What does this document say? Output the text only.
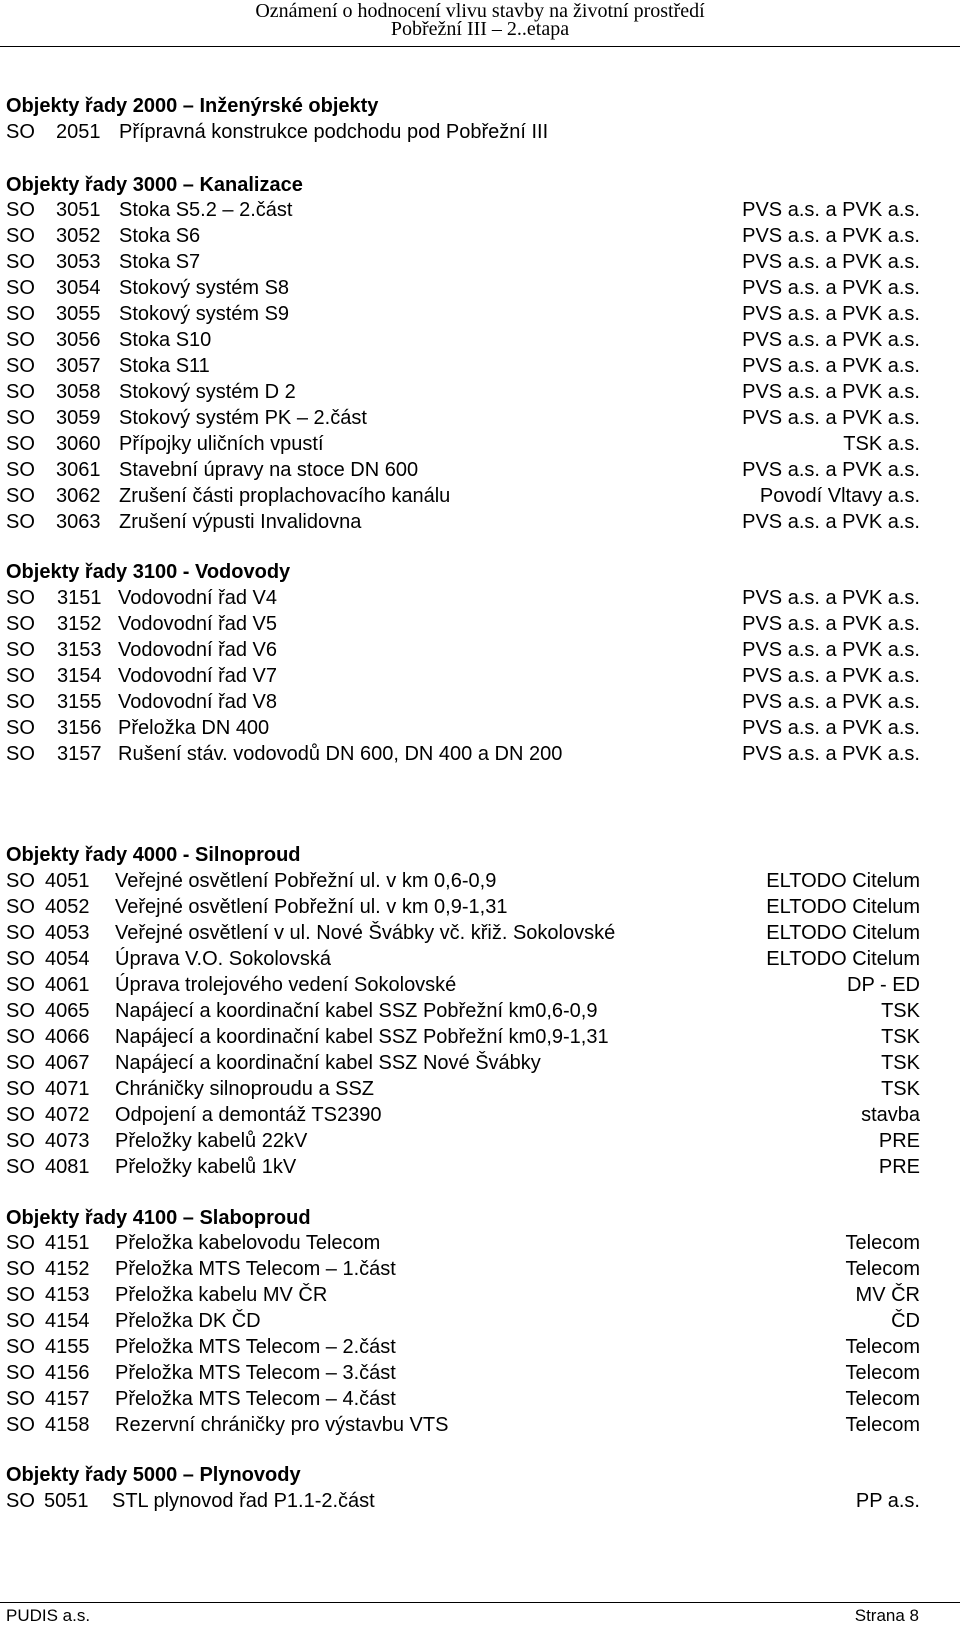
Oznámení o hodnocení vlivu stavby na životní prostředí
Pobřežní III – 2..etapa
Objekty řady 2000 – Inženýrské objekty
SO 2051 Přípravná konstrukce podchodu pod Pobřežní III
Objekty řady 3000 – Kanalizace
SO 3051 Stoka S5.2 – 2.část	PVS a.s. a PVK a.s.
SO 3052 Stoka S6	PVS a.s. a PVK a.s.
SO 3053 Stoka S7	PVS a.s. a PVK a.s.
SO 3054 Stokový systém S8	PVS a.s. a PVK a.s.
SO 3055 Stokový systém S9	PVS a.s. a PVK a.s.
SO 3056 Stoka S10	PVS a.s. a PVK a.s.
SO 3057 Stoka S11	PVS a.s. a PVK a.s.
SO 3058 Stokový systém D 2	PVS a.s. a PVK a.s.
SO 3059 Stokový systém PK – 2.část	PVS a.s. a PVK a.s.
SO 3060 Přípojky uličních vpustí	TSK a.s.
SO 3061 Stavební úpravy na stoce DN 600	PVS a.s. a PVK a.s.
SO 3062 Zrušení části proplachovacího kanálu	Povodí Vltavy a.s.
SO 3063 Zrušení výpusti Invalidovna	PVS a.s. a PVK a.s.
Objekty řady 3100 - Vodovody
SO 3151 Vodovodní řad V4	PVS a.s. a PVK a.s.
SO 3152 Vodovodní řad V5	PVS a.s. a PVK a.s.
SO 3153 Vodovodní řad V6	PVS a.s. a PVK a.s.
SO 3154 Vodovodní řad V7	PVS a.s. a PVK a.s.
SO 3155 Vodovodní řad V8	PVS a.s. a PVK a.s.
SO 3156 Přeložka DN 400	PVS a.s. a PVK a.s.
SO 3157 Rušení stáv. vodovodů DN 600, DN 400 a DN 200	PVS a.s. a PVK a.s.
Objekty řady 4000 - Silnoproud
SO 4051 Veřejné osvětlení Pobřežní ul. v km 0,6-0,9	ELTODO Citelum
SO 4052 Veřejné osvětlení Pobřežní ul. v km 0,9-1,31	ELTODO Citelum
SO 4053 Veřejné osvětlení v ul. Nové Švábky vč. křiž. Sokolovské	ELTODO Citelum
SO 4054 Úprava V.O. Sokolovská	ELTODO Citelum
SO 4061 Úprava trolejového vedení Sokolovské	DP - ED
SO 4065 Napájecí a koordinační kabel SSZ Pobřežní km0,6-0,9	TSK
SO 4066 Napájecí a koordinační kabel SSZ Pobřežní km0,9-1,31	TSK
SO 4067 Napájecí a koordinační kabel SSZ Nové Švábky	TSK
SO 4071 Chráničky silnoproudu a SSZ	TSK
SO 4072 Odpojení a demontáž TS2390	stavba
SO 4073 Přeložky kabelů 22kV	PRE
SO 4081 Přeložky kabelů 1kV	PRE
Objekty řady 4100 – Slaboproud
SO 4151 Přeložka kabelovodu Telecom	Telecom
SO 4152 Přeložka MTS Telecom – 1.část	Telecom
SO 4153 Přeložka kabelu MV ČR	MV ČR
SO 4154 Přeložka DK ČD	ČD
SO 4155 Přeložka MTS Telecom – 2.část	Telecom
SO 4156 Přeložka MTS Telecom – 3.část	Telecom
SO 4157 Přeložka MTS Telecom – 4.část	Telecom
SO 4158 Rezervní chráničky pro výstavbu VTS	Telecom
Objekty řady 5000 – Plynovody
SO 5051 STL plynovod řad P1.1-2.část	PP a.s.
PUDIS a.s.	Strana 8
